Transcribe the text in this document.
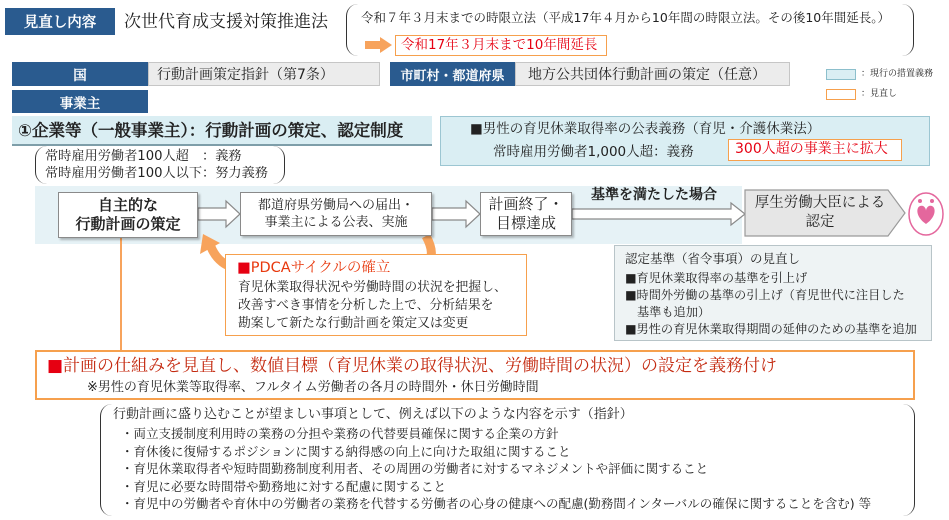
見直し内容	次世代育成支援対策推進法	令和７年３月末までの時限立法（平成17年４月から10年間の時限立法。その後10年間延長。）
令和17年３月末まで10年間延長
国	行動計画策定指針（第7条）	市町村・都道府県	地方公共団体行動計画の策定（任意）	：現行の措置義務
：見直し
事業主
①企業等（一般事業主）：行動計画の策定、認定制度	■男性の育児休業取得率の公表義務（育児・介護休業法）
常時雇用労働者1,000人超：義務	300人超の事業主に拡大
常時雇用労働者100人超　：義務
常時雇用労働者100人以下：努力義務
自主的な
行動計画の策定
都道府県労働局への届出・
事業主による公表、実施
計画終了・
目標達成
基準を満たした場合	厚生労働大臣による
認定
■PDCAサイクルの確立
育児休業取得状況や労働時間の状況を把握し、
改善すべき事情を分析した上で、分析結果を
勘案して新たな行動計画を策定又は変更
認定基準（省令事項）の見直し
■育児休業取得率の基準を引上げ
■時間外労働の基準の引上げ（育児世代に注目した
基準も追加）
■男性の育児休業取得期間の延伸のための基準を追加
■計画の仕組みを見直し、数値目標（育児休業の取得状況、労働時間の状況）の設定を義務付け
※男性の育児休業等取得率、フルタイム労働者の各月の時間外・休日労働時間
行動計画に盛り込むことが望ましい事項として、例えば以下のような内容を示す（指針）
・両立支援制度利用時の業務の分担や業務の代替要員確保に関する企業の方針
・育休後に復帰するポジションに関する納得感の向上に向けた取組に関すること
・育児休業取得者や短時間勤務制度利用者、その周囲の労働者に対するマネジメントや評価に関すること
・育児に必要な時間帯や勤務地に対する配慮に関すること
・育児中の労働者や育休中の労働者の業務を代替する労働者の心身の健康への配慮(勤務間インターバルの確保に関することを含む) 等
